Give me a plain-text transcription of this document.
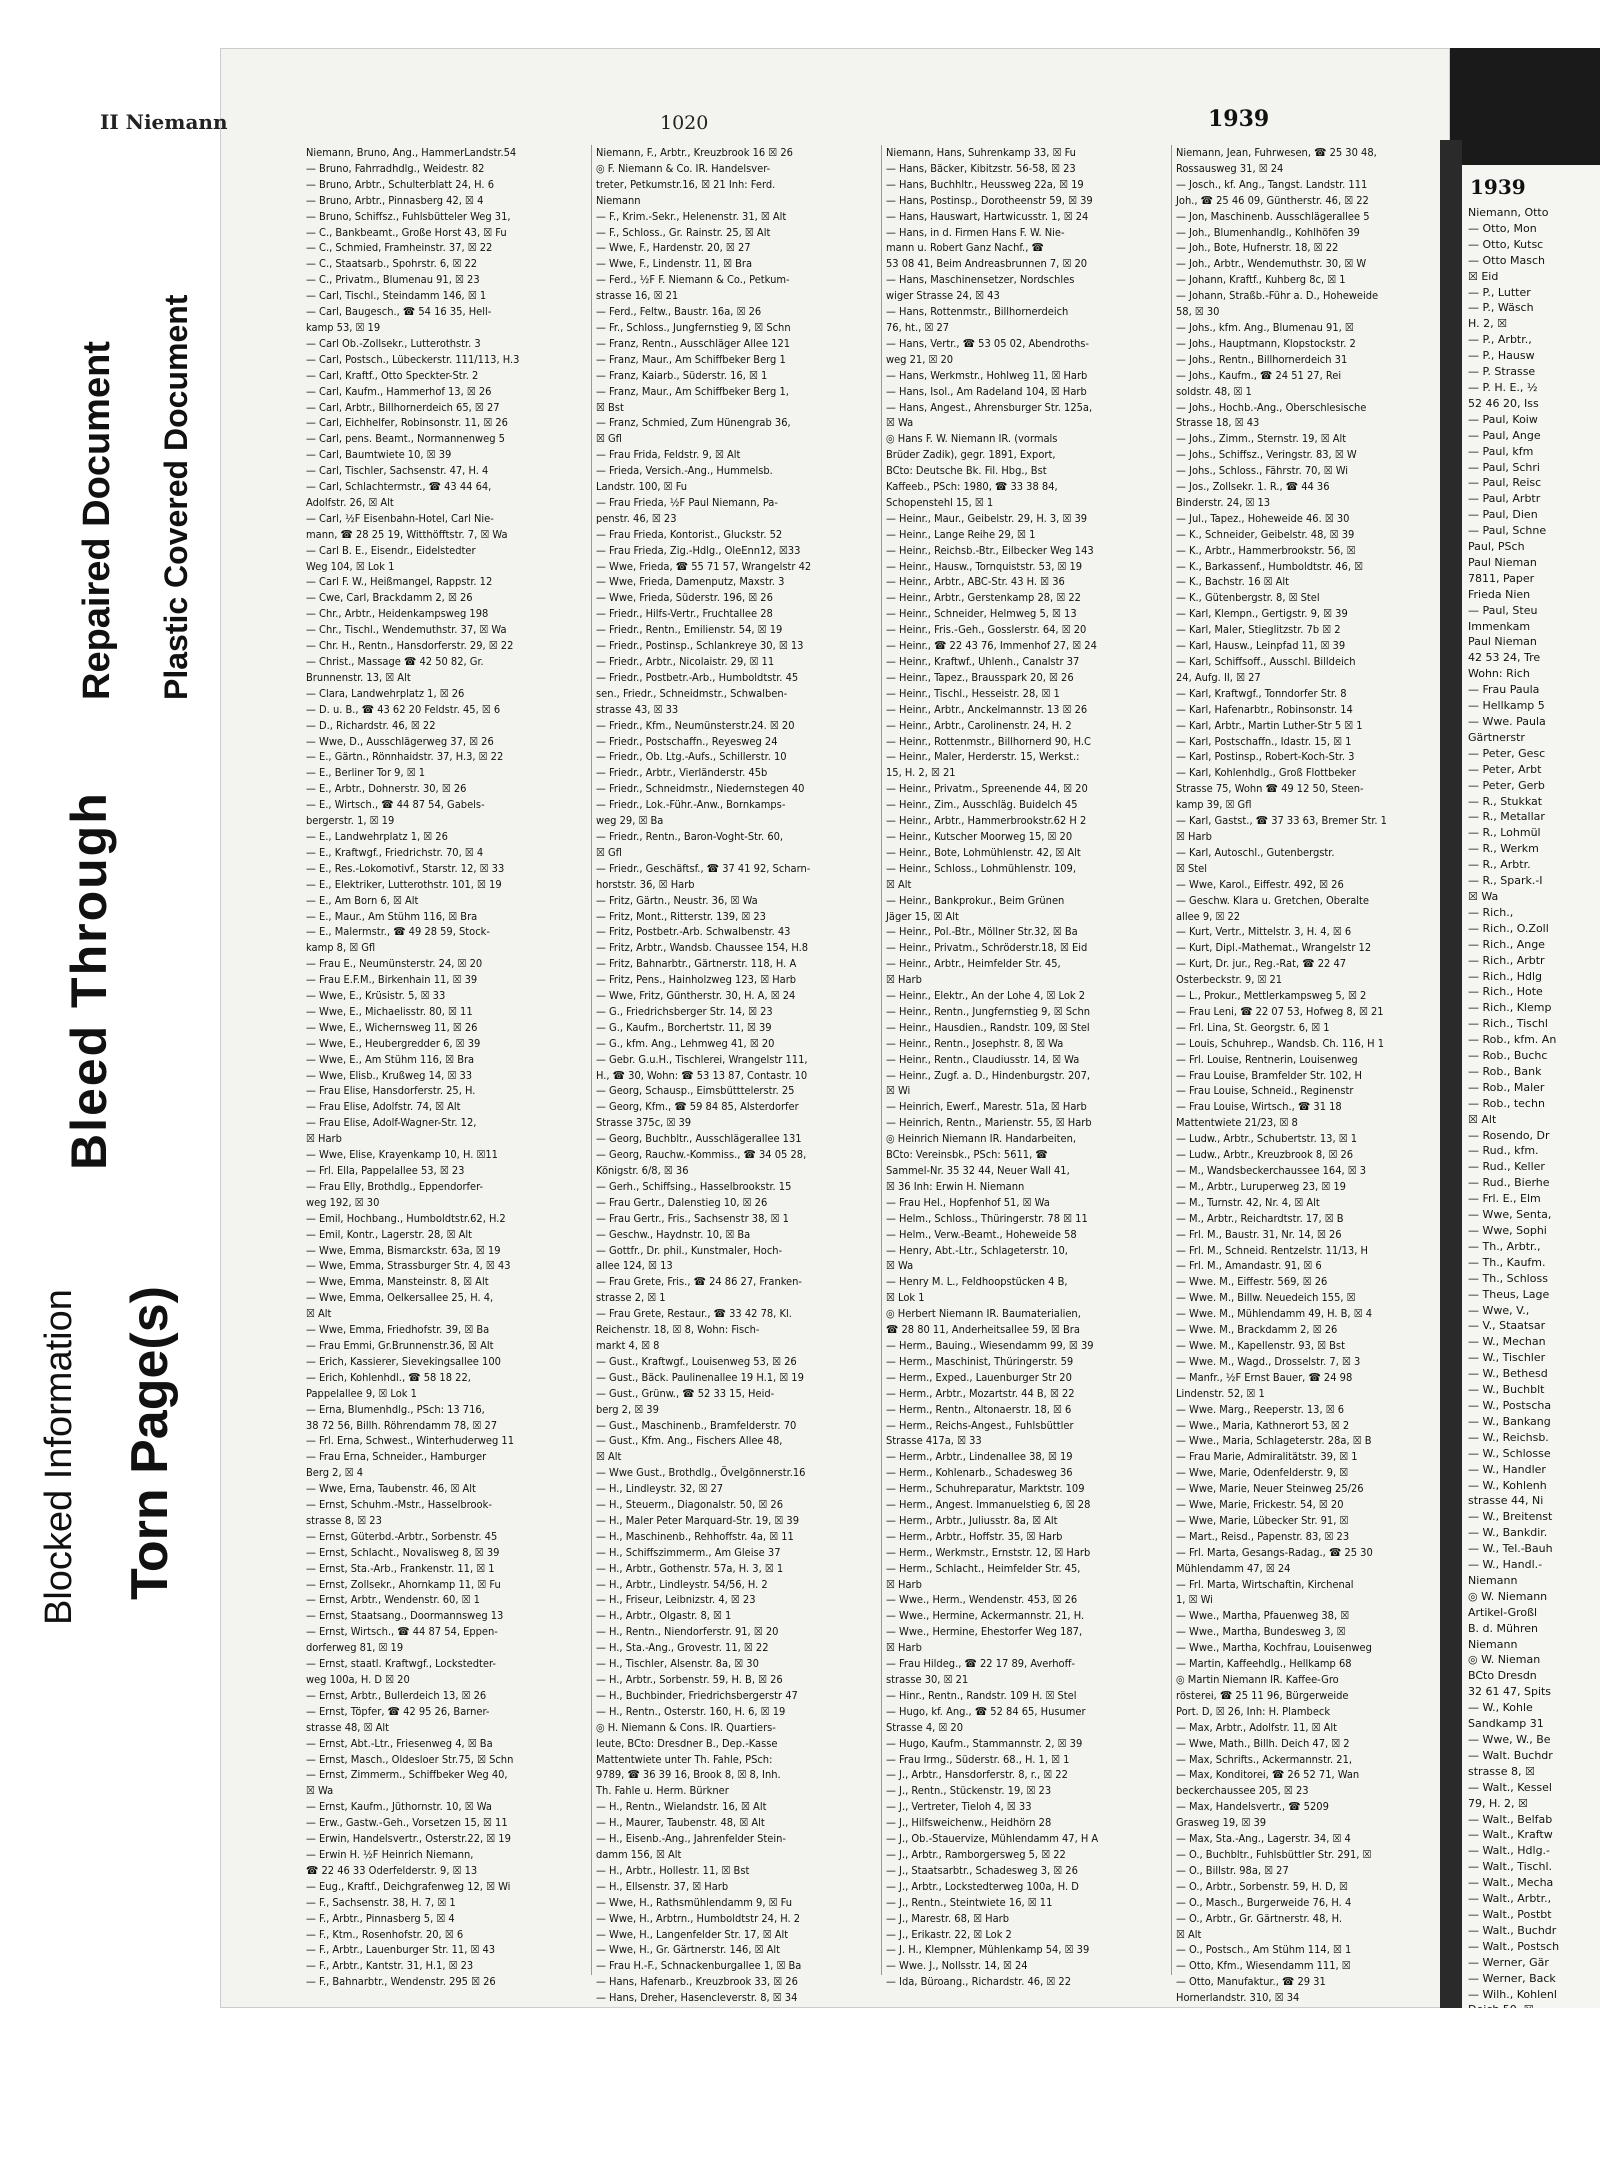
Blocked Information Torn Page(s)
Bleed Through
Repaired Document Plastic Covered Document
II Niemann	1020	1939
Niemann, Bruno, Ang., HammerLandstr.54
— Bruno, Fahrradhdlg., Weidestr. 82
— Bruno, Arbtr., Schulterblatt 24, H. 6
— Bruno, Arbtr., Pinnasberg 42, ☒ 4
— Bruno, Schiffsz., Fuhlsbütteler Weg 31,
— C., Bankbeamt., Große Horst 43, ☒ Fu
— C., Schmied, Framheinstr. 37, ☒ 22
— C., Staatsarb., Spohrstr. 6, ☒ 22
— C., Privatm., Blumenau 91, ☒ 23
— Carl, Tischl., Steindamm 146, ☒ 1
— Carl, Baugesch., ☎ 54 16 35, Hell-
kamp 53, ☒ 19
— Carl Ob.-Zollsekr., Lutterothstr. 3
— Carl, Postsch., Lübeckerstr. 111/113, H.3
— Carl, Kraftf., Otto Speckter-Str. 2
— Carl, Kaufm., Hammerhof 13, ☒ 26
— Carl, Arbtr., Billhornerdeich 65, ☒ 27
— Carl, Eichhelfer, Robinsonstr. 11, ☒ 26
— Carl, pens. Beamt., Normannenweg 5
— Carl, Baumtwiete 10, ☒ 39
— Carl, Tischler, Sachsenstr. 47, H. 4
— Carl, Schlachtermstr., ☎ 43 44 64,
Adolfstr. 26, ☒ Alt
— Carl, ½F Eisenbahn-Hotel, Carl Nie-
mann, ☎ 28 25 19, Witthöfftstr. 7, ☒ Wa
— Carl B. E., Eisendr., Eidelstedter
Weg 104, ☒ Lok 1
— Carl F. W., Heißmangel, Rappstr. 12
— Cwe, Carl, Brackdamm 2, ☒ 26
— Chr., Arbtr., Heidenkampsweg 198
— Chr., Tischl., Wendemuthstr. 37, ☒ Wa
— Chr. H., Rentn., Hansdorferstr. 29, ☒ 22
— Christ., Massage ☎ 42 50 82, Gr.
Brunnenstr. 13, ☒ Alt
— Clara, Landwehrplatz 1, ☒ 26
— D. u. B., ☎ 43 62 20 Feldstr. 45, ☒ 6
— D., Richardstr. 46, ☒ 22
— Wwe, D., Ausschlägerweg 37, ☒ 26
— E., Gärtn., Rönnhaidstr. 37, H.3, ☒ 22
— E., Berliner Tor 9, ☒ 1
— E., Arbtr., Dohnerstr. 30, ☒ 26
— E., Wirtsch., ☎ 44 87 54, Gabels-
bergerstr. 1, ☒ 19
— E., Landwehrplatz 1, ☒ 26
— E., Kraftwgf., Friedrichstr. 70, ☒ 4
— E., Res.-Lokomotivf., Starstr. 12, ☒ 33
— E., Elektriker, Lutterothstr. 101, ☒ 19
— E., Am Born 6, ☒ Alt
— E., Maur., Am Stühm 116, ☒ Bra
— E., Malermstr., ☎ 49 28 59, Stock-
kamp 8, ☒ Gfl
— Frau E., Neumünsterstr. 24, ☒ 20
— Frau E.F.M., Birkenhain 11, ☒ 39
— Wwe, E., Krüsistr. 5, ☒ 33
— Wwe, E., Michaelisstr. 80, ☒ 11
— Wwe, E., Wichernsweg 11, ☒ 26
— Wwe, E., Heubergredder 6, ☒ 39
— Wwe, E., Am Stühm 116, ☒ Bra
— Wwe, Elisb., Krußweg 14, ☒ 33
— Frau Elise, Hansdorferstr. 25, H.
— Frau Elise, Adolfstr. 74, ☒ Alt
— Frau Elise, Adolf-Wagner-Str. 12,
☒ Harb
— Wwe, Elise, Krayenkamp 10, H. ☒11
— Frl. Ella, Pappelallee 53, ☒ 23
— Frau Elly, Brothdlg., Eppendorfer-
weg 192, ☒ 30
— Emil, Hochbang., Humboldtstr.62, H.2
— Emil, Kontr., Lagerstr. 28, ☒ Alt
— Wwe, Emma, Bismarckstr. 63a, ☒ 19
— Wwe, Emma, Strassburger Str. 4, ☒ 43
— Wwe, Emma, Mansteinstr. 8, ☒ Alt
— Wwe, Emma, Oelkersallee 25, H. 4,
☒ Alt
— Wwe, Emma, Friedhofstr. 39, ☒ Ba
— Frau Emmi, Gr.Brunnenstr.36, ☒ Alt
— Erich, Kassierer, Sievekingsallee 100
— Erich, Kohlenhdl., ☎ 58 18 22,
Pappelallee 9, ☒ Lok 1
— Erna, Blumenhdlg., PSch: 13 716,
38 72 56, Billh. Röhrendamm 78, ☒ 27
— Frl. Erna, Schwest., Winterhuderweg 11
— Frau Erna, Schneider., Hamburger
Berg 2, ☒ 4
— Wwe, Erna, Taubenstr. 46, ☒ Alt
— Ernst, Schuhm.-Mstr., Hasselbrook-
strasse 8, ☒ 23
— Ernst, Güterbd.-Arbtr., Sorbenstr. 45
— Ernst, Schlacht., Novalisweg 8, ☒ 39
— Ernst, Sta.-Arb., Frankenstr. 11, ☒ 1
— Ernst, Zollsekr., Ahornkamp 11, ☒ Fu
— Ernst, Arbtr., Wendenstr. 60, ☒ 1
— Ernst, Staatsang., Doormannsweg 13
— Ernst, Wirtsch., ☎ 44 87 54, Eppen-
dorferweg 81, ☒ 19
— Ernst, staatl. Kraftwgf., Lockstedter-
weg 100a, H. D ☒ 20
— Ernst, Arbtr., Bullerdeich 13, ☒ 26
— Ernst, Töpfer, ☎ 42 95 26, Barner-
strasse 48, ☒ Alt
— Ernst, Abt.-Ltr., Friesenweg 4, ☒ Ba
— Ernst, Masch., Oldesloer Str.75, ☒ Schn
— Ernst, Zimmerm., Schiffbeker Weg 40,
☒ Wa
— Ernst, Kaufm., Jüthornstr. 10, ☒ Wa
— Erw., Gastw.-Geh., Vorsetzen 15, ☒ 11
— Erwin, Handelsvertr., Osterstr.22, ☒ 19
— Erwin H. ½F Heinrich Niemann,
☎ 22 46 33 Oderfelderstr. 9, ☒ 13
— Eug., Kraftf., Deichgrafenweg 12, ☒ Wi
— F., Sachsenstr. 38, H. 7, ☒ 1
— F., Arbtr., Pinnasberg 5, ☒ 4
— F., Ktm., Rosenhofstr. 20, ☒ 6
— F., Arbtr., Lauenburger Str. 11, ☒ 43
— F., Arbtr., Kantstr. 31, H.1, ☒ 23
— F., Bahnarbtr., Wendenstr. 295 ☒ 26
Niemann, F., Arbtr., Kreuzbrook 16 ☒ 26
◎ F. Niemann & Co. IR. Handelsver-
treter, Petkumstr.16, ☒ 21 Inh: Ferd.
Niemann
— F., Krim.-Sekr., Helenenstr. 31, ☒ Alt
— F., Schloss., Gr. Rainstr. 25, ☒ Alt
— Wwe, F., Hardenstr. 20, ☒ 27
— Wwe, F., Lindenstr. 11, ☒ Bra
— Ferd., ½F F. Niemann & Co., Petkum-
strasse 16, ☒ 21
— Ferd., Feltw., Baustr. 16a, ☒ 26
— Fr., Schloss., Jungfernstieg 9, ☒ Schn
— Franz, Rentn., Ausschläger Allee 121
— Franz, Maur., Am Schiffbeker Berg 1
— Franz, Kaiarb., Süderstr. 16, ☒ 1
— Franz, Maur., Am Schiffbeker Berg 1,
☒ Bst
— Franz, Schmied, Zum Hünengrab 36,
☒ Gfl
— Frau Frida, Feldstr. 9, ☒ Alt
— Frieda, Versich.-Ang., Hummelsb.
Landstr. 100, ☒ Fu
— Frau Frieda, ½F Paul Niemann, Pa-
penstr. 46, ☒ 23
— Frau Frieda, Kontorist., Gluckstr. 52
— Frau Frieda, Zig.-Hdlg., OleEnn12, ☒33
— Wwe, Frieda, ☎ 55 71 57, Wrangelstr 42
— Wwe, Frieda, Damenputz, Maxstr. 3
— Wwe, Frieda, Süderstr. 196, ☒ 26
— Friedr., Hilfs-Vertr., Fruchtallee 28
— Friedr., Rentn., Emilienstr. 54, ☒ 19
— Friedr., Postinsp., Schlankreye 30, ☒ 13
— Friedr., Arbtr., Nicolaistr. 29, ☒ 11
— Friedr., Postbetr.-Arb., Humboldtstr. 45
sen., Friedr., Schneidmstr., Schwalben-
strasse 43, ☒ 33
— Friedr., Kfm., Neumünsterstr.24. ☒ 20
— Friedr., Postschaffn., Reyesweg 24
— Friedr., Ob. Ltg.-Aufs., Schillerstr. 10
— Friedr., Arbtr., Vierländerstr. 45b
— Friedr., Schneidmstr., Niedernstegen 40
— Friedr., Lok.-Führ.-Anw., Bornkamps-
weg 29, ☒ Ba
— Friedr., Rentn., Baron-Voght-Str. 60,
☒ Gfl
— Friedr., Geschäftsf., ☎ 37 41 92, Scharn-
horststr. 36, ☒ Harb
— Fritz, Gärtn., Neustr. 36, ☒ Wa
— Fritz, Mont., Ritterstr. 139, ☒ 23
— Fritz, Postbetr.-Arb. Schwalbenstr. 43
— Fritz, Arbtr., Wandsb. Chaussee 154, H.8
— Fritz, Bahnarbtr., Gärtnerstr. 118, H. A
— Fritz, Pens., Hainholzweg 123, ☒ Harb
— Wwe, Fritz, Güntherstr. 30, H. A, ☒ 24
— G., Friedrichsberger Str. 14, ☒ 23
— G., Kaufm., Borchertstr. 11, ☒ 39
— G., kfm. Ang., Lehmweg 41, ☒ 20
— Gebr. G.u.H., Tischlerei, Wrangelstr 111,
H., ☎ 30, Wohn: ☎ 53 13 87, Contastr. 10
— Georg, Schausp., Eimsbütttelerstr. 25
— Georg, Kfm., ☎ 59 84 85, Alsterdorfer
Strasse 375c, ☒ 39
— Georg, Buchbltr., Ausschlägerallee 131
— Georg, Rauchw.-Kommiss., ☎ 34 05 28,
Königstr. 6/8, ☒ 36
— Gerh., Schiffsing., Hasselbrookstr. 15
— Frau Gertr., Dalenstieg 10, ☒ 26
— Frau Gertr., Fris., Sachsenstr 38, ☒ 1
— Geschw., Haydnstr. 10, ☒ Ba
— Gottfr., Dr. phil., Kunstmaler, Hoch-
allee 124, ☒ 13
— Frau Grete, Fris., ☎ 24 86 27, Franken-
strasse 2, ☒ 1
— Frau Grete, Restaur., ☎ 33 42 78, Kl.
Reichenstr. 18, ☒ 8, Wohn: Fisch-
markt 4, ☒ 8
— Gust., Kraftwgf., Louisenweg 53, ☒ 26
— Gust., Bäck. Paulinenallee 19 H.1, ☒ 19
— Gust., Grünw., ☎ 52 33 15, Heid-
berg 2, ☒ 39
— Gust., Maschinenb., Bramfelderstr. 70
— Gust., Kfm. Ang., Fischers Allee 48,
☒ Alt
— Wwe Gust., Brothdlg., Övelgönnerstr.16
— H., Lindleystr. 32, ☒ 27
— H., Steuerm., Diagonalstr. 50, ☒ 26
— H., Maler Peter Marquard-Str. 19, ☒ 39
— H., Maschinenb., Rehhoffstr. 4a, ☒ 11
— H., Schiffszimmerm., Am Gleise 37
— H., Arbtr., Gothenstr. 57a, H. 3, ☒ 1
— H., Arbtr., Lindleystr. 54/56, H. 2
— H., Friseur, Leibnizstr. 4, ☒ 23
— H., Arbtr., Olgastr. 8, ☒ 1
— H., Rentn., Niendorferstr. 91, ☒ 20
— H., Sta.-Ang., Grovestr. 11, ☒ 22
— H., Tischler, Alsenstr. 8a, ☒ 30
— H., Arbtr., Sorbenstr. 59, H. B, ☒ 26
— H., Buchbinder, Friedrichsbergerstr 47
— H., Rentn., Osterstr. 160, H. 6, ☒ 19
◎ H. Niemann & Cons. IR. Quartiers-
leute, BCto: Dresdner B., Dep.-Kasse
Mattentwiete unter Th. Fahle, PSch:
9789, ☎ 36 39 16, Brook 8, ☒ 8, Inh.
Th. Fahle u. Herm. Bürkner
— H., Rentn., Wielandstr. 16, ☒ Alt
— H., Maurer, Taubenstr. 48, ☒ Alt
— H., Eisenb.-Ang., Jahrenfelder Stein-
damm 156, ☒ Alt
— H., Arbtr., Hollestr. 11, ☒ Bst
— H., Ellsenstr. 37, ☒ Harb
— Wwe, H., Rathsmühlendamm 9, ☒ Fu
— Wwe, H., Arbtrn., Humboldtstr 24, H. 2
— Wwe, H., Langenfelder Str. 17, ☒ Alt
— Wwe, H., Gr. Gärtnerstr. 146, ☒ Alt
— Frau H.-F., Schnackenburgallee 1, ☒ Ba
— Hans, Hafenarb., Kreuzbrook 33, ☒ 26
— Hans, Dreher, Hasencleverstr. 8, ☒ 34
Niemann, Hans, Suhrenkamp 33, ☒ Fu
— Hans, Bäcker, Kibitzstr. 56-58, ☒ 23
— Hans, Buchhltr., Heussweg 22a, ☒ 19
— Hans, Postinsp., Dorotheenstr 59, ☒ 39
— Hans, Hauswart, Hartwicusstr. 1, ☒ 24
— Hans, in d. Firmen Hans F. W. Nie-
mann u. Robert Ganz Nachf., ☎
53 08 41, Beim Andreasbrunnen 7, ☒ 20
— Hans, Maschinensetzer, Nordschles
wiger Strasse 24, ☒ 43
— Hans, Rottenmstr., Billhornerdeich
76, ht., ☒ 27
— Hans, Vertr., ☎ 53 05 02, Abendroths-
weg 21, ☒ 20
— Hans, Werkmstr., Hohlweg 11, ☒ Harb
— Hans, Isol., Am Radeland 104, ☒ Harb
— Hans, Angest., Ahrensburger Str. 125a,
☒ Wa
◎ Hans F. W. Niemann IR. (vormals
Brüder Zadik), gegr. 1891, Export,
BCto: Deutsche Bk. Fil. Hbg., Bst
Kaffeeb., PSch: 1980, ☎ 33 38 84,
Schopenstehl 15, ☒ 1
— Heinr., Maur., Geibelstr. 29, H. 3, ☒ 39
— Heinr., Lange Reihe 29, ☒ 1
— Heinr., Reichsb.-Btr., Eilbecker Weg 143
— Heinr., Hausw., Tornquiststr. 53, ☒ 19
— Heinr., Arbtr., ABC-Str. 43 H. ☒ 36
— Heinr., Arbtr., Gerstenkamp 28, ☒ 22
— Heinr., Schneider, Helmweg 5, ☒ 13
— Heinr., Fris.-Geh., Gosslerstr. 64, ☒ 20
— Heinr., ☎ 22 43 76, Immenhof 27, ☒ 24
— Heinr., Kraftwf., Uhlenh., Canalstr 37
— Heinr., Tapez., Brausspark 20, ☒ 26
— Heinr., Tischl., Hesseistr. 28, ☒ 1
— Heinr., Arbtr., Anckelmannstr. 13 ☒ 26
— Heinr., Arbtr., Carolinenstr. 24, H. 2
— Heinr., Rottenmstr., Billhornerd 90, H.C
— Heinr., Maler, Herderstr. 15, Werkst.:
15, H. 2, ☒ 21
— Heinr., Privatm., Spreenende 44, ☒ 20
— Heinr., Zim., Ausschläg. Buidelch 45
— Heinr., Arbtr., Hammerbrookstr.62 H 2
— Heinr., Kutscher Moorweg 15, ☒ 20
— Heinr., Bote, Lohmühlenstr. 42, ☒ Alt
— Heinr., Schloss., Lohmühlenstr. 109,
☒ Alt
— Heinr., Bankprokur., Beim Grünen
Jäger 15, ☒ Alt
— Heinr., Pol.-Btr., Möllner Str.32, ☒ Ba
— Heinr., Privatm., Schröderstr.18, ☒ Eid
— Heinr., Arbtr., Heimfelder Str. 45,
☒ Harb
— Heinr., Elektr., An der Lohe 4, ☒ Lok 2
— Heinr., Rentn., Jungfernstieg 9, ☒ Schn
— Heinr., Hausdien., Randstr. 109, ☒ Stel
— Heinr., Rentn., Josephstr. 8, ☒ Wa
— Heinr., Rentn., Claudiusstr. 14, ☒ Wa
— Heinr., Zugf. a. D., Hindenburgstr. 207,
☒ Wi
— Heinrich, Ewerf., Marestr. 51a, ☒ Harb
— Heinrich, Rentn., Marienstr. 55, ☒ Harb
◎ Heinrich Niemann IR. Handarbeiten,
BCto: Vereinsbk., PSch: 5611, ☎
Sammel-Nr. 35 32 44, Neuer Wall 41,
☒ 36 Inh: Erwin H. Niemann
— Frau Hel., Hopfenhof 51, ☒ Wa
— Helm., Schloss., Thüringerstr. 78 ☒ 11
— Helm., Verw.-Beamt., Hoheweide 58
— Henry, Abt.-Ltr., Schlageterstr. 10,
☒ Wa
— Henry M. L., Feldhoopstücken 4 B,
☒ Lok 1
◎ Herbert Niemann IR. Baumaterialien,
☎ 28 80 11, Anderheitsallee 59, ☒ Bra
— Herm., Bauing., Wiesendamm 99, ☒ 39
— Herm., Maschinist, Thüringerstr. 59
— Herm., Exped., Lauenburger Str 20
— Herm., Arbtr., Mozartstr. 44 B, ☒ 22
— Herm., Rentn., Altonaerstr. 18, ☒ 6
— Herm., Reichs-Angest., Fuhlsbüttler
Strasse 417a, ☒ 33
— Herm., Arbtr., Lindenallee 38, ☒ 19
— Herm., Kohlenarb., Schadesweg 36
— Herm., Schuhreparatur, Marktstr. 109
— Herm., Angest. Immanuelstieg 6, ☒ 28
— Herm., Arbtr., Juliusstr. 8a, ☒ Alt
— Herm., Arbtr., Hoffstr. 35, ☒ Harb
— Herm., Werkmstr., Ernststr. 12, ☒ Harb
— Herm., Schlacht., Heimfelder Str. 45,
☒ Harb
— Wwe., Herm., Wendenstr. 453, ☒ 26
— Wwe., Hermine, Ackermannstr. 21, H.
— Wwe., Hermine, Ehestorfer Weg 187,
☒ Harb
— Frau Hildeg., ☎ 22 17 89, Averhoff-
strasse 30, ☒ 21
— Hinr., Rentn., Randstr. 109 H. ☒ Stel
— Hugo, kf. Ang., ☎ 52 84 65, Husumer
Strasse 4, ☒ 20
— Hugo, Kaufm., Stammannstr. 2, ☒ 39
— Frau Irmg., Süderstr. 68., H. 1, ☒ 1
— J., Arbtr., Hansdorferstr. 8, r., ☒ 22
— J., Rentn., Stückenstr. 19, ☒ 23
— J., Vertreter, Tieloh 4, ☒ 33
— J., Hilfsweichenw., Heidhörn 28
— J., Ob.-Stauervize, Mühlendamm 47, H A
— J., Arbtr., Ramborgersweg 5, ☒ 22
— J., Staatsarbtr., Schadesweg 3, ☒ 26
— J., Arbtr., Lockstedterweg 100a, H. D
— J., Rentn., Steintwiete 16, ☒ 11
— J., Marestr. 68, ☒ Harb
— J., Erikastr. 22, ☒ Lok 2
— J. H., Klempner, Mühlenkamp 54, ☒ 39
— Wwe. J., Nollsstr. 14, ☒ 24
— Ida, Büroang., Richardstr. 46, ☒ 22
Niemann, Jean, Fuhrwesen, ☎ 25 30 48,
Rossausweg 31, ☒ 24
— Josch., kf. Ang., Tangst. Landstr. 111
Joh., ☎ 25 46 09, Güntherstr. 46, ☒ 22
— Jon, Maschinenb. Ausschlägerallee 5
— Joh., Blumenhandlg., Kohlhöfen 39
— Joh., Bote, Hufnerstr. 18, ☒ 22
— Joh., Arbtr., Wendemuthstr. 30, ☒ W
— Johann, Kraftf., Kuhberg 8c, ☒ 1
— Johann, Straßb.-Führ a. D., Hoheweide
58, ☒ 30
— Johs., kfm. Ang., Blumenau 91, ☒
— Johs., Hauptmann, Klopstockstr. 2
— Johs., Rentn., Billhornerdeich 31
— Johs., Kaufm., ☎ 24 51 27, Rei
soldstr. 48, ☒ 1
— Johs., Hochb.-Ang., Oberschlesische
Strasse 18, ☒ 43
— Johs., Zimm., Sternstr. 19, ☒ Alt
— Johs., Schiffsz., Veringstr. 83, ☒ W
— Johs., Schloss., Fährstr. 70, ☒ Wi
— Jos., Zollsekr. 1. R., ☎ 44 36
Binderstr. 24, ☒ 13
— Jul., Tapez., Hoheweide 46. ☒ 30
— K., Schneider, Geibelstr. 48, ☒ 39
— K., Arbtr., Hammerbrookstr. 56, ☒
— K., Barkassenf., Humboldtstr. 46, ☒
— K., Bachstr. 16 ☒ Alt
— K., Gütenbergstr. 8, ☒ Stel
— Karl, Klempn., Gertigstr. 9, ☒ 39
— Karl, Maler, Stieglitzstr. 7b ☒ 2
— Karl, Hausw., Leinpfad 11, ☒ 39
— Karl, Schiffsoff., Ausschl. Billdeich
24, Aufg. II, ☒ 27
— Karl, Kraftwgf., Tonndorfer Str. 8
— Karl, Hafenarbtr., Robinsonstr. 14
— Karl, Arbtr., Martin Luther-Str 5 ☒ 1
— Karl, Postschaffn., Idastr. 15, ☒ 1
— Karl, Postinsp., Robert-Koch-Str. 3
— Karl, Kohlenhdlg., Groß Flottbeker
Strasse 75, Wohn ☎ 49 12 50, Steen-
kamp 39, ☒ Gfl
— Karl, Gastst., ☎ 37 33 63, Bremer Str. 1
☒ Harb
— Karl, Autoschl., Gutenbergstr.
☒ Stel
— Wwe, Karol., Eiffestr. 492, ☒ 26
— Geschw. Klara u. Gretchen, Oberalte
allee 9, ☒ 22
— Kurt, Vertr., Mittelstr. 3, H. 4, ☒ 6
— Kurt, Dipl.-Mathemat., Wrangelstr 12
— Kurt, Dr. jur., Reg.-Rat, ☎ 22 47
Osterbeckstr. 9, ☒ 21
— L., Prokur., Mettlerkampsweg 5, ☒ 2
— Frau Leni, ☎ 22 07 53, Hofweg 8, ☒ 21
— Frl. Lina, St. Georgstr. 6, ☒ 1
— Louis, Schuhrep., Wandsb. Ch. 116, H 1
— Frl. Louise, Rentnerin, Louisenweg
— Frau Louise, Bramfelder Str. 102, H
— Frau Louise, Schneid., Reginenstr
— Frau Louise, Wirtsch., ☎ 31 18
Mattentwiete 21/23, ☒ 8
— Ludw., Arbtr., Schubertstr. 13, ☒ 1
— Ludw., Arbtr., Kreuzbrook 8, ☒ 26
— M., Wandsbeckerchaussee 164, ☒ 3
— M., Arbtr., Luruperweg 23, ☒ 19
— M., Turnstr. 42, Nr. 4, ☒ Alt
— M., Arbtr., Reichardtstr. 17, ☒ B
— Frl. M., Baustr. 31, Nr. 14, ☒ 26
— Frl. M., Schneid. Rentzelstr. 11/13, H
— Frl. M., Amandastr. 91, ☒ 6
— Wwe. M., Eiffestr. 569, ☒ 26
— Wwe. M., Billw. Neuedeich 155, ☒
— Wwe. M., Mühlendamm 49, H. B, ☒ 4
— Wwe. M., Brackdamm 2, ☒ 26
— Wwe. M., Kapellenstr. 93, ☒ Bst
— Wwe. M., Wagd., Drosselstr. 7, ☒ 3
— Manfr., ½F Ernst Bauer, ☎ 24 98
Lindenstr. 52, ☒ 1
— Wwe. Marg., Reeperstr. 13, ☒ 6
— Wwe., Maria, Kathnerort 53, ☒ 2
— Wwe., Maria, Schlageterstr. 28a, ☒ B
— Frau Marie, Admiralitätstr. 39, ☒ 1
— Wwe, Marie, Odenfelderstr. 9, ☒
— Wwe, Marie, Neuer Steinweg 25/26
— Wwe, Marie, Frickestr. 54, ☒ 20
— Wwe, Marie, Lübecker Str. 91, ☒
— Mart., Reisd., Papenstr. 83, ☒ 23
— Frl. Marta, Gesangs-Radag., ☎ 25 30
Mühlendamm 47, ☒ 24
— Frl. Marta, Wirtschaftin, Kirchenal
1, ☒ Wi
— Wwe., Martha, Pfauenweg 38, ☒
— Wwe., Martha, Bundesweg 3, ☒
— Wwe., Martha, Kochfrau, Louisenweg
— Martin, Kaffeehdlg., Hellkamp 68
◎ Martin Niemann IR. Kaffee-Gro
rösterei, ☎ 25 11 96, Bürgerweide
Port. D, ☒ 26, Inh: H. Plambeck
— Max, Arbtr., Adolfstr. 11, ☒ Alt
— Wwe, Math., Billh. Deich 47, ☒ 2
— Max, Schrifts., Ackermannstr. 21,
— Max, Konditorei, ☎ 26 52 71, Wan
beckerchaussee 205, ☒ 23
— Max, Handelsvertr., ☎ 5209
Grasweg 19, ☒ 39
— Max, Sta.-Ang., Lagerstr. 34, ☒ 4
— O., Buchbltr., Fuhlsbüttler Str. 291, ☒
— O., Billstr. 98a, ☒ 27
— O., Arbtr., Sorbenstr. 59, H. D, ☒
— O., Masch., Burgerweide 76, H. 4
— O., Arbtr., Gr. Gärtnerstr. 48, H.
☒ Alt
— O., Postsch., Am Stühm 114, ☒ 1
— Otto, Kfm., Wiesendamm 111, ☒
— Otto, Manufaktur., ☎ 29 31
Hornerlandstr. 310, ☒ 34
1939
Niemann, Otto
— Otto, Mon
— Otto, Kutsc
— Otto Masch
☒ Eid
— P., Lutter
— P., Wäsch
H. 2, ☒
— P., Arbtr.,
— P., Hausw
— P. Strasse
— P. H. E., ½
52 46 20, Iss
— Paul, Koiw
— Paul, Ange
— Paul, kfm
— Paul, Schri
— Paul, Reisc
— Paul, Arbtr
— Paul, Dien
— Paul, Schne
Paul, PSch
Paul Nieman
7811, Paper
Frieda Nien
— Paul, Steu
Immenkam
Paul Nieman
42 53 24, Tre
Wohn: Rich
— Frau Paula
— Hellkamp 5
— Wwe. Paula
Gärtnerstr
— Peter, Gesc
— Peter, Arbt
— Peter, Gerb
— R., Stukkat
— R., Metallar
— R., Lohmül
— R., Werkm
— R., Arbtr.
— R., Spark.-I
☒ Wa
— Rich.,
— Rich., O.Zoll
— Rich., Ange
— Rich., Arbtr
— Rich., Hdlg
— Rich., Hote
— Rich., Klemp
— Rich., Tischl
— Rob., kfm. An
— Rob., Buchc
— Rob., Bank
— Rob., Maler
— Rob., techn
☒ Alt
— Rosendo, Dr
— Rud., kfm.
— Rud., Keller
— Rud., Bierhe
— Frl. E., Elm
— Wwe, Senta,
— Wwe, Sophi
— Th., Arbtr.,
— Th., Kaufm.
— Th., Schloss
— Theus, Lage
— Wwe, V.,
— V., Staatsar
— W., Mechan
— W., Tischler
— W., Bethesd
— W., Buchblt
— W., Postscha
— W., Bankang
— W., Reichsb.
— W., Schlosse
— W., Handler
— W., Kohlenh
strasse 44, Ni
— W., Breitenst
— W., Bankdir.
— W., Tel.-Bauh
— W., Handl.-
Niemann
◎ W. Niemann
Artikel-Großl
B. d. Mühren
Niemann
◎ W. Nieman
BCto Dresdn
32 61 47, Spits
— W., Kohle
Sandkamp 31
— Wwe, W., Be
— Walt. Buchdr
strasse 8, ☒
— Walt., Kessel
79, H. 2, ☒
— Walt., Belfab
— Walt., Kraftw
— Walt., Hdlg.-
— Walt., Tischl.
— Walt., Mecha
— Walt., Arbtr.,
— Walt., Postbt
— Walt., Buchdr
— Walt., Postsch
— Werner, Gär
— Werner, Back
— Wilh., Kohlenl
